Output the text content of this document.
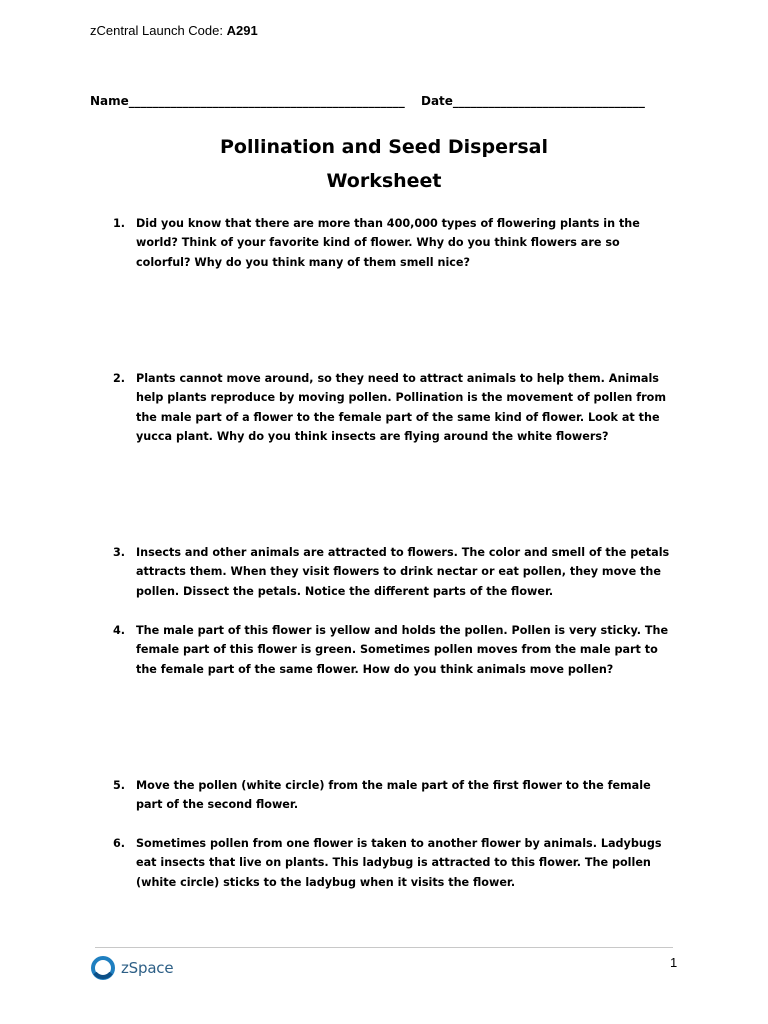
zCentral Launch Code: A291
Name______________________________________________ Date________________________________
Pollination and Seed Dispersal
Worksheet
1. Did you know that there are more than 400,000 types of flowering plants in the world? Think of your favorite kind of flower. Why do you think flowers are so colorful? Why do you think many of them smell nice?
2. Plants cannot move around, so they need to attract animals to help them. Animals help plants reproduce by moving pollen. Pollination is the movement of pollen from the male part of a flower to the female part of the same kind of flower. Look at the yucca plant. Why do you think insects are flying around the white flowers?
3. Insects and other animals are attracted to flowers. The color and smell of the petals attracts them. When they visit flowers to drink nectar or eat pollen, they move the pollen. Dissect the petals. Notice the different parts of the flower.
4. The male part of this flower is yellow and holds the pollen. Pollen is very sticky. The female part of this flower is green. Sometimes pollen moves from the male part to the female part of the same flower. How do you think animals move pollen?
5. Move the pollen (white circle) from the male part of the first flower to the female part of the second flower.
6. Sometimes pollen from one flower is taken to another flower by animals. Ladybugs eat insects that live on plants. This ladybug is attracted to this flower. The pollen (white circle) sticks to the ladybug when it visits the flower.
zSpace	1
